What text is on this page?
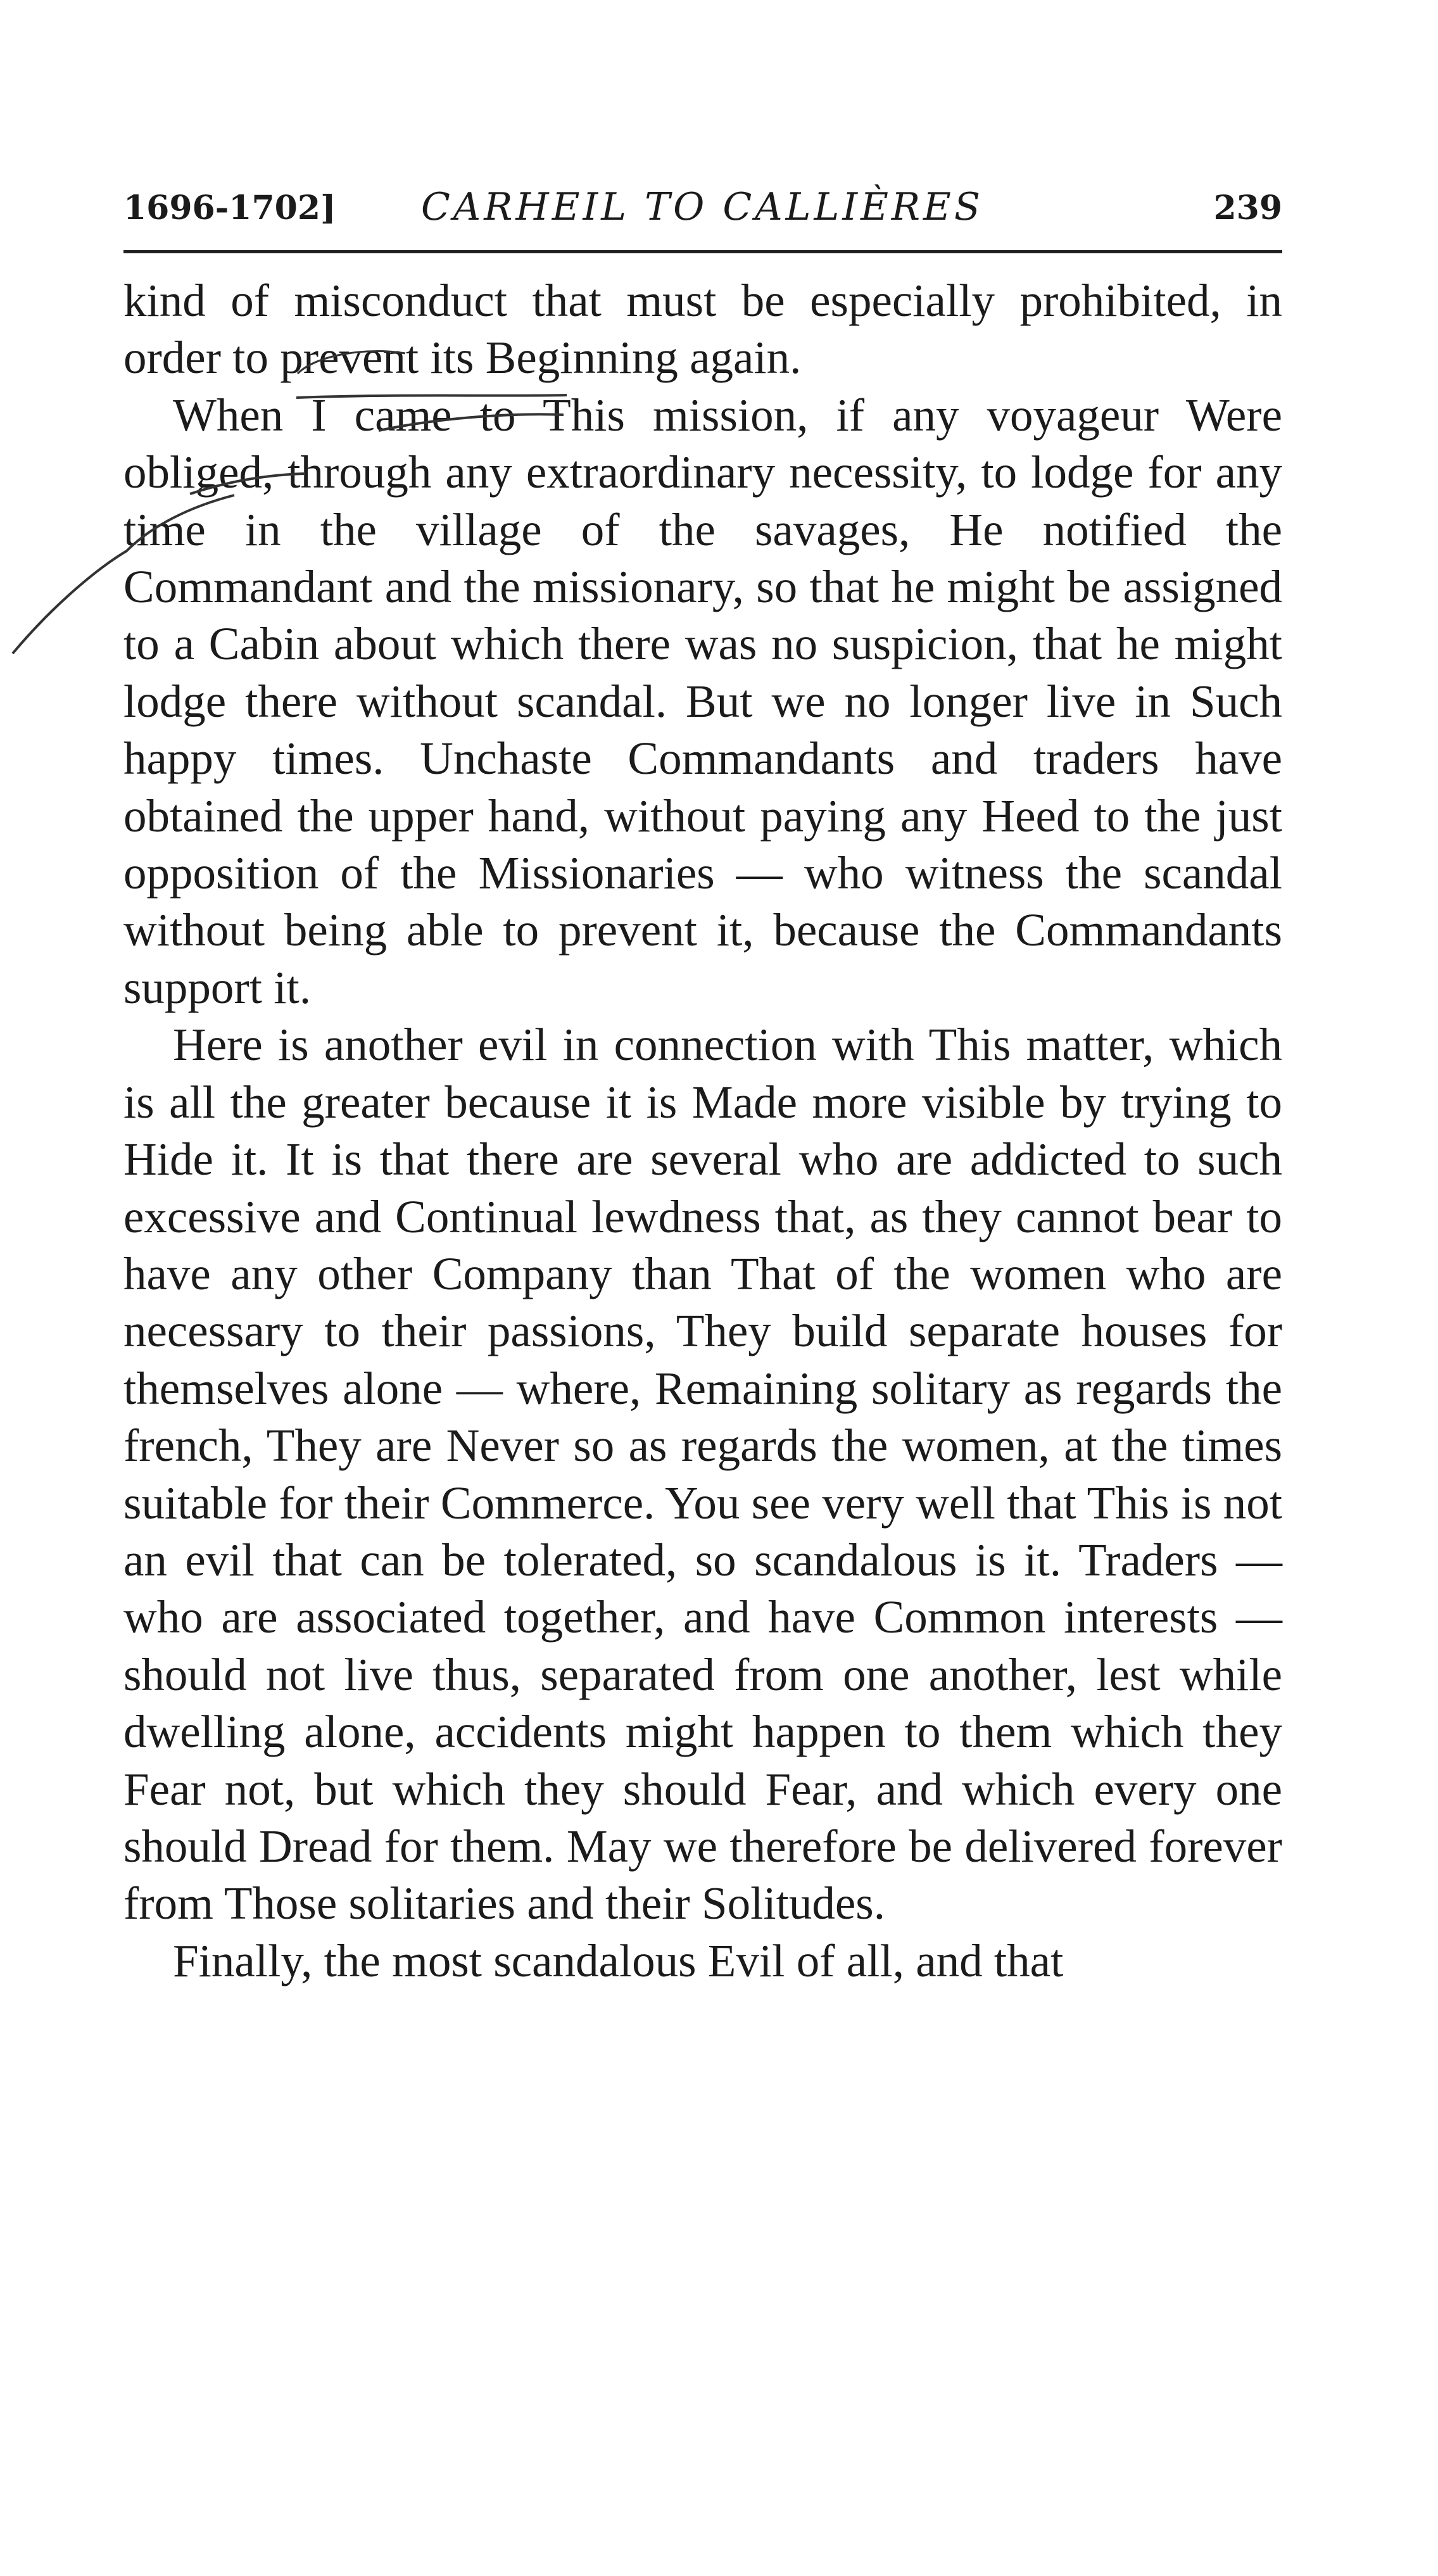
1696-1702] CARHEIL TO CALLIÈRES	239

kind of misconduct that must be especially prohibited, in order to prevent its Beginning again.

When I came to This mission, if any voyageur Were obliged, through any extraordinary necessity, to lodge for any time in the village of the savages, He notified the Commandant and the missionary, so that he might be assigned to a Cabin about which there was no suspicion, that he might lodge there without scandal. But we no longer live in Such happy times. Unchaste Commandants and traders have obtained the upper hand, without paying any Heed to the just opposition of the Missionaries — who witness the scandal without being able to prevent it, because the Commandants support it.

Here is another evil in connection with This matter, which is all the greater because it is Made more visible by trying to Hide it. It is that there are several who are addicted to such excessive and Continual lewdness that, as they cannot bear to have any other Company than That of the women who are necessary to their passions, They build separate houses for themselves alone — where, Remaining solitary as regards the french, They are Never so as regards the women, at the times suitable for their Commerce. You see very well that This is not an evil that can be tolerated, so scandalous is it. Traders — who are associated together, and have Common interests — should not live thus, separated from one another, lest while dwelling alone, accidents might happen to them which they Fear not, but which they should Fear, and which every one should Dread for them. May we therefore be delivered forever from Those solitaries and their Solitudes.

Finally, the most scandalous Evil of all, and that
